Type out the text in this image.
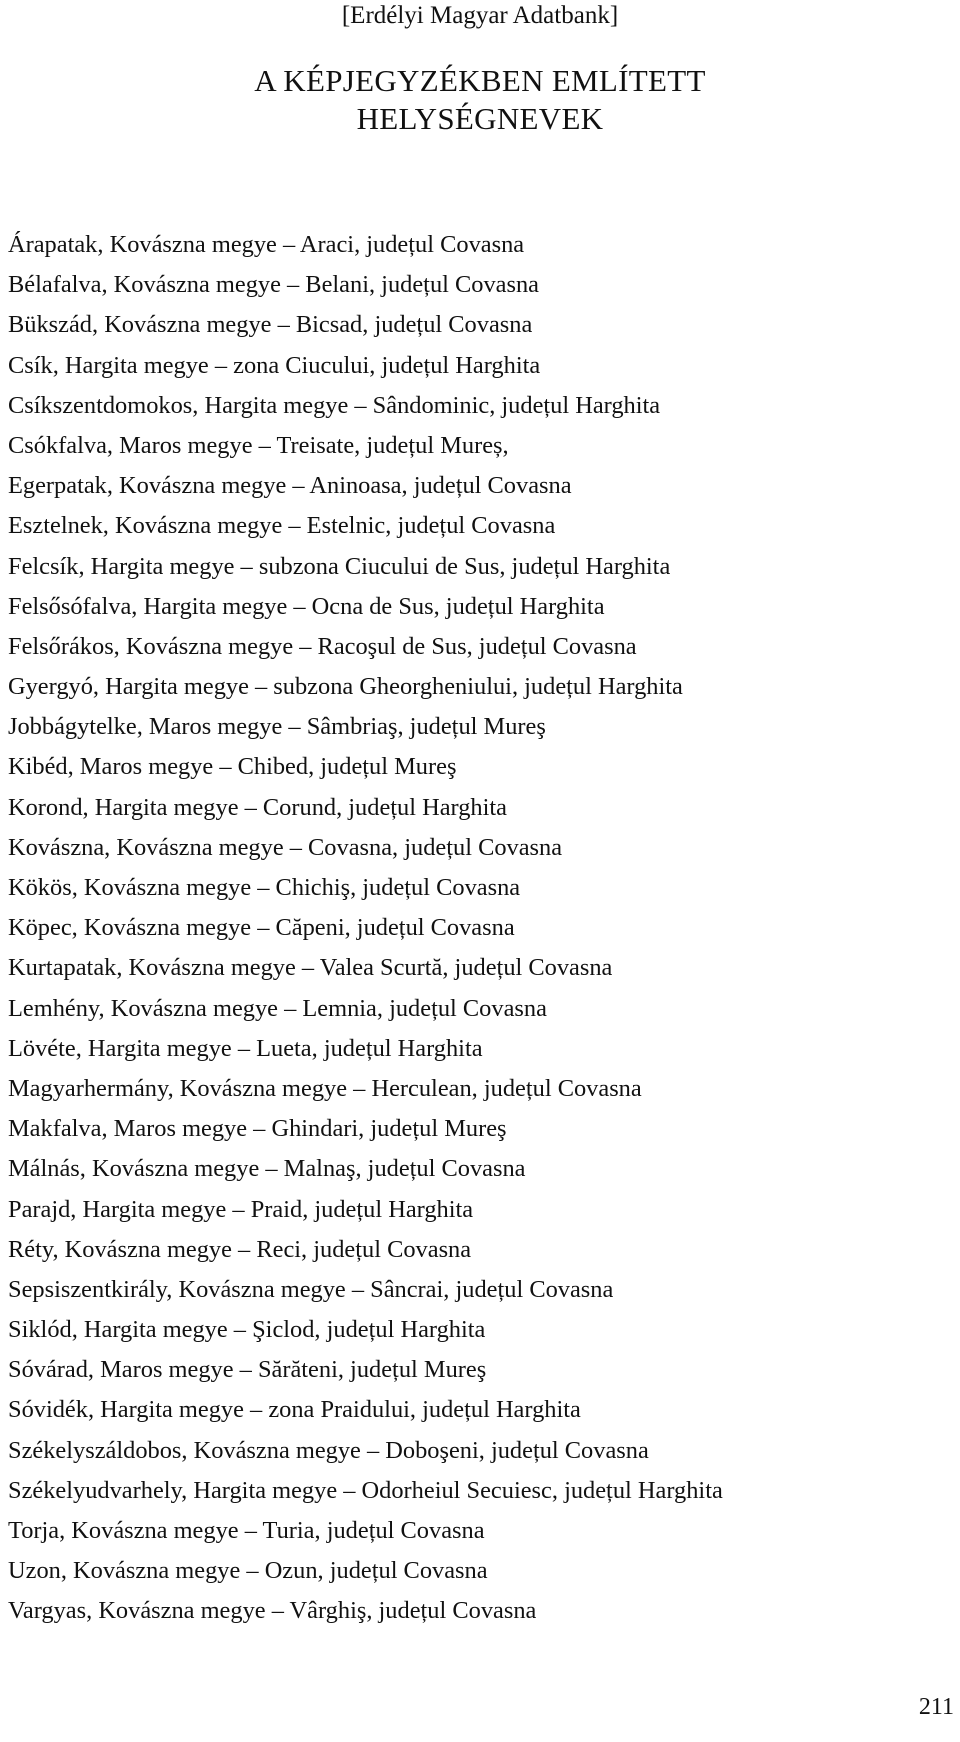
[Erdélyi Magyar Adatbank]

A KÉPJEGYZÉKBEN EMLÍTETT
HELYSÉGNEVEK
Árapatak, Kovászna megye – Araci, județul Covasna
Bélafalva, Kovászna megye – Belani, județul Covasna
Bükszád, Kovászna megye – Bicsad, județul Covasna
Csík, Hargita megye – zona Ciucului, județul Harghita
Csíkszentdomokos, Hargita megye – Sândominic, județul Harghita
Csókfalva, Maros megye – Treisate, județul Mureș,
Egerpatak, Kovászna megye – Aninoasa, județul Covasna
Esztelnek, Kovászna megye – Estelnic, județul Covasna
Felcsík, Hargita megye – subzona Ciucului de Sus, județul Harghita
Felsősófalva, Hargita megye – Ocna de Sus, județul Harghita
Felsőrákos, Kovászna megye – Racoşul de Sus, județul Covasna
Gyergyó, Hargita megye – subzona Gheorgheniului, județul Harghita
Jobbágytelke, Maros megye – Sâmbriaş, județul Mureş
Kibéd, Maros megye – Chibed, județul Mureş
Korond, Hargita megye – Corund, județul Harghita
Kovászna, Kovászna megye – Covasna, județul Covasna
Kökös, Kovászna megye – Chichiş, județul Covasna
Köpec, Kovászna megye – Căpeni, județul Covasna
Kurtapatak, Kovászna megye – Valea Scurtă, județul Covasna
Lemhény, Kovászna megye – Lemnia, județul Covasna
Lövéte, Hargita megye – Lueta, județul Harghita
Magyarhermány, Kovászna megye – Herculean, județul Covasna
Makfalva, Maros megye – Ghindari, județul Mureş
Málnás, Kovászna megye – Malnaş, județul Covasna
Parajd, Hargita megye – Praid, județul Harghita
Réty, Kovászna megye – Reci, județul Covasna
Sepsiszentkirály, Kovászna megye – Sâncrai, județul Covasna
Siklód, Hargita megye – Şiclod, județul Harghita
Sóvárad, Maros megye – Sărăteni, județul Mureş
Sóvidék, Hargita megye – zona Praidului, județul Harghita
Székelyszáldobos, Kovászna megye – Doboşeni, județul Covasna
Székelyudvarhely, Hargita megye – Odorheiul Secuiesc, județul Harghita
Torja, Kovászna megye – Turia, județul Covasna
Uzon, Kovászna megye – Ozun, județul Covasna
Vargyas, Kovászna megye – Vârghiş, județul Covasna

211
